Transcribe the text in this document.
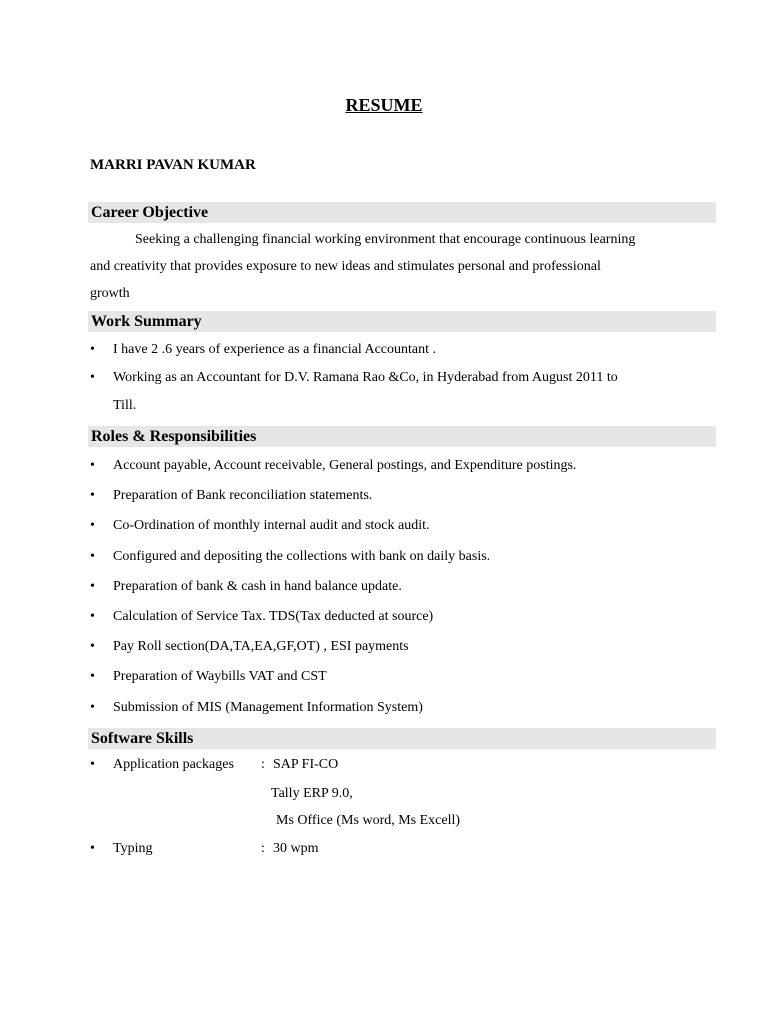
RESUME
MARRI PAVAN KUMAR
Career Objective
Seeking a challenging financial working environment that encourage continuous learning
and creativity that provides exposure to new ideas and stimulates personal and professional
growth
Work Summary
• I have 2 .6 years of experience as a financial Accountant .
• Working as an Accountant for D.V. Ramana Rao &Co, in Hyderabad from August 2011 to
Till.
Roles & Responsibilities
• Account payable, Account receivable, General postings, and Expenditure postings.
• Preparation of Bank reconciliation statements.
• Co-Ordination of monthly internal audit and stock audit.
• Configured and depositing the collections with bank on daily basis.
• Preparation of bank & cash in hand balance update.
• Calculation of Service Tax. TDS(Tax deducted at source)
• Pay Roll section(DA,TA,EA,GF,OT) , ESI payments
• Preparation of Waybills VAT and CST
• Submission of MIS (Management Information System)
Software Skills
• Application packages : SAP FI-CO
Tally ERP 9.0,
Ms Office (Ms word, Ms Excell)
• Typing	: 30 wpm
